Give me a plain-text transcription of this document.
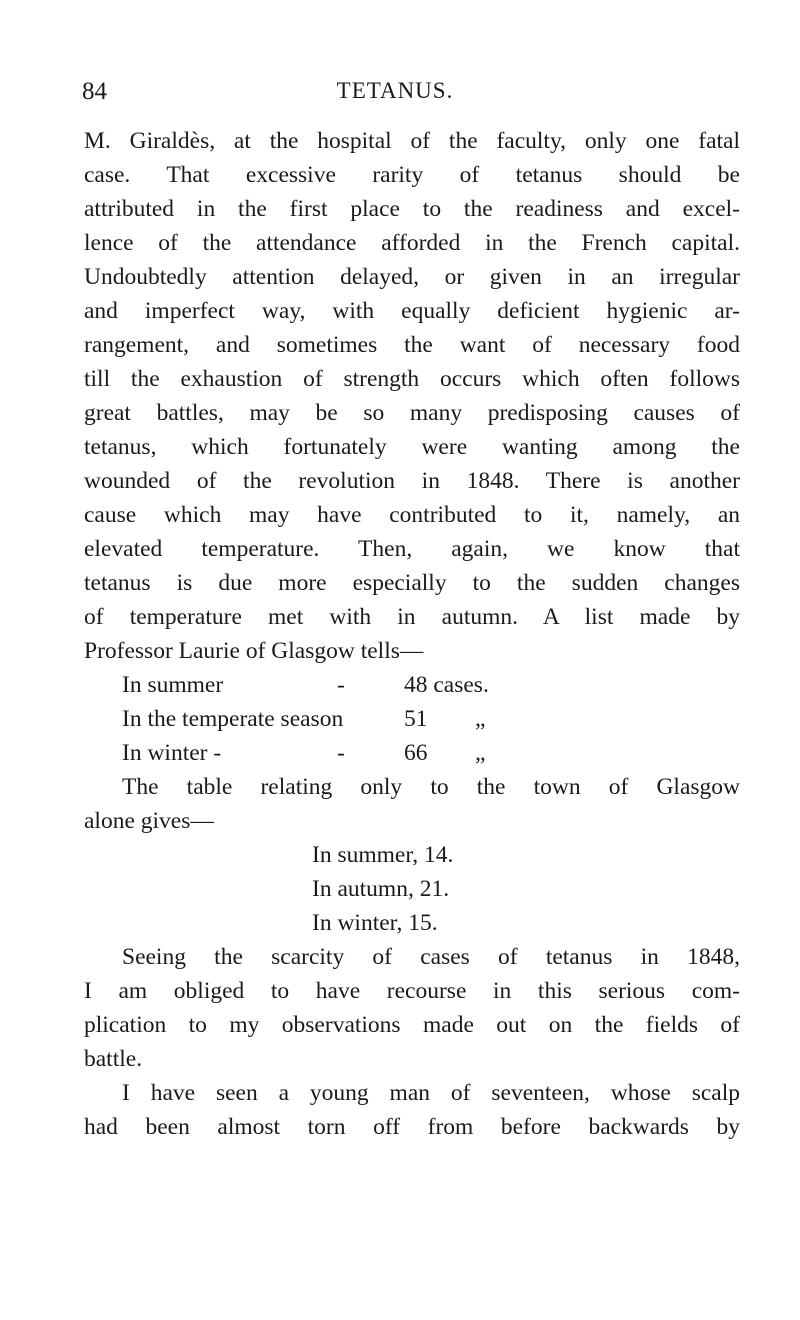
84	TETANUS.
M. Giraldès, at the hospital of the faculty, only one fatal
case. That excessive rarity of tetanus should be
attributed in the first place to the readiness and excel-
lence of the attendance afforded in the French capital.
Undoubtedly attention delayed, or given in an irregular
and imperfect way, with equally deficient hygienic ar-
rangement, and sometimes the want of necessary food
till the exhaustion of strength occurs which often follows
great battles, may be so many predisposing causes of
tetanus, which fortunately were wanting among the
wounded of the revolution in 1848. There is another
cause which may have contributed to it, namely, an
elevated temperature. Then, again, we know that
tetanus is due more especially to the sudden changes
of temperature met with in autumn. A list made by
Professor Laurie of Glasgow tells—
In summer	-	48 cases.
In the temperate season	51 „
In winter -	-	66 „
The table relating only to the town of Glasgow
alone gives—
In summer, 14.
In autumn, 21.
In winter, 15.
Seeing the scarcity of cases of tetanus in 1848,
I am obliged to have recourse in this serious com-
plication to my observations made out on the fields of
battle.
I have seen a young man of seventeen, whose scalp
had been almost torn off from before backwards by
